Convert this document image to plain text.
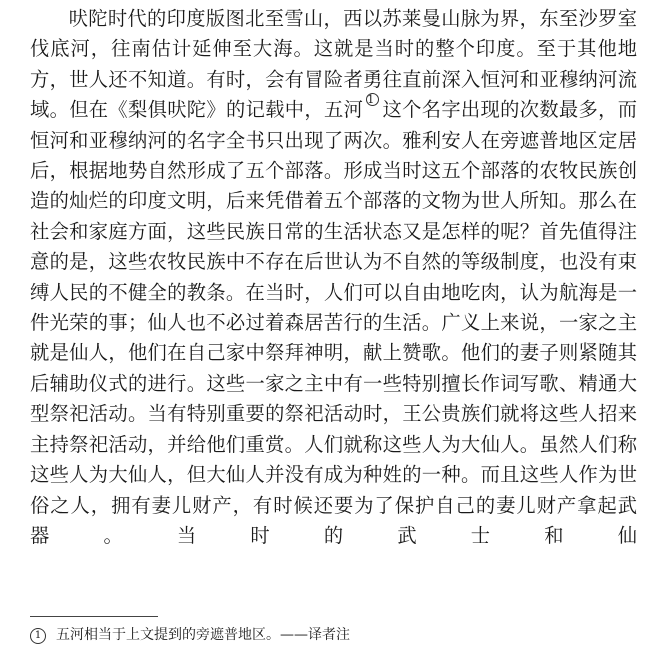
吠陀时代的印度版图北至雪山，西以苏莱曼山脉为界，东至沙罗室伐底河，往南估计延伸至大海。这就是当时的整个印度。至于其他地方，世人还不知道。有时，会有冒险者勇往直前深入恒河和亚穆纳河流域。但在《梨俱吠陀》的记载中，五河 1 这个名字出现的次数最多，而恒河和亚穆纳河的名字全书只出现了两次。雅利安人在旁遮普地区定居后，根据地势自然形成了五个部落。形成当时这五个部落的农牧民族创造的灿烂的印度文明，后来凭借着五个部落的文物为世人所知。那么在社会和家庭方面，这些民族日常的生活状态又是怎样的呢？首先值得注意的是，这些农牧民族中不存在后世认为不自然的等级制度，也没有束缚人民的不健全的教条。在当时，人们可以自由地吃肉，认为航海是一件光荣的事；仙人也不必过着森居苦行的生活。广义上来说，一家之主就是仙人，他们在自己家中祭拜神明，献上赞歌。他们的妻子则紧随其后辅助仪式的进行。这些一家之主中有一些特别擅长作词写歌、精通大型祭祀活动。当有特别重要的祭祀活动时，王公贵族们就将这些人招来主持祭祀活动，并给他们重赏。人们就称这些人为大仙人。虽然人们称这些人为大仙人，但大仙人并没有成为种姓的一种。而且这些人作为世俗之人，拥有妻儿财产，有时候还要为了保护自己的妻儿财产拿起武器。当时的武士和仙

1 五河相当于上文提到的旁遮普地区。——译者注
